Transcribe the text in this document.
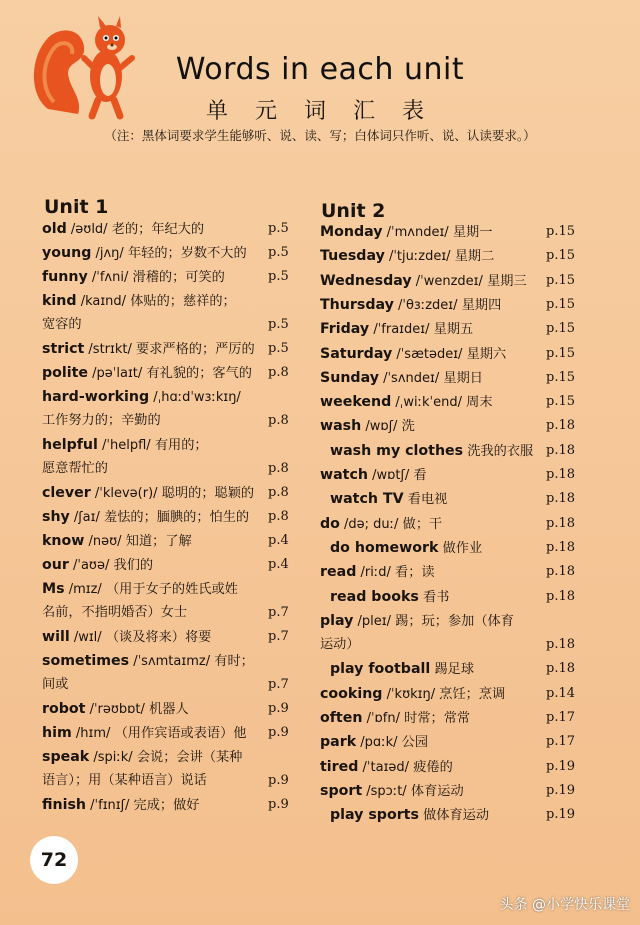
Words in each unit
单 元 词 汇 表
（注：黑体词要求学生能够听、说、读、写；白体词只作听、说、认读要求。）
Unit 1	Unit 2
old /əʊld/ 老的；年纪大的	p.5
young /jʌŋ/ 年轻的；岁数不大的 p.5
funny /ˈfʌni/ 滑稽的；可笑的	p.5
kind /kaɪnd/ 体贴的；慈祥的；
宽容的	p.5
strict /strɪkt/ 要求严格的；严厉的 p.5
polite /pəˈlaɪt/ 有礼貌的；客气的 p.8
hard-working /ˌhɑːdˈwɜːkɪŋ/
工作努力的；辛勤的	p.8
helpful /ˈhelpfl/ 有用的；
愿意帮忙的	p.8
clever /ˈklevə(r)/ 聪明的；聪颖的 p.8
shy /ʃaɪ/ 羞怯的；腼腆的；怕生的 p.8
know /nəʊ/ 知道；了解	p.4
our /ˈaʊə/ 我们的	p.4
Ms /mɪz/ （用于女子的姓氏或姓
名前，不指明婚否）女士	p.7
will /wɪl/ （谈及将来）将要	p.7
sometimes /ˈsʌmtaɪmz/ 有时；
间或	p.7
robot /ˈrəʊbɒt/ 机器人	p.9
him /hɪm/ （用作宾语或表语）他 p.9
speak /spiːk/ 会说；会讲（某种
语言）；用（某种语言）说话	p.9
finish /ˈfɪnɪʃ/ 完成；做好	p.9
Monday /ˈmʌndeɪ/ 星期一	p.15
Tuesday /ˈtjuːzdeɪ/ 星期二	p.15
Wednesday /ˈwenzdeɪ/ 星期三 p.15
Thursday /ˈθɜːzdeɪ/ 星期四	p.15
Friday /ˈfraɪdeɪ/ 星期五	p.15
Saturday /ˈsætədeɪ/ 星期六	p.15
Sunday /ˈsʌndeɪ/ 星期日	p.15
weekend /ˌwiːkˈend/ 周末	p.15
wash /wɒʃ/ 洗	p.18
wash my clothes 洗我的衣服 p.18
watch /wɒtʃ/ 看	p.18
watch TV 看电视	p.18
do /də; duː/ 做；干	p.18
do homework 做作业	p.18
read /riːd/ 看；读	p.18
read books 看书	p.18
play /pleɪ/ 踢；玩；参加（体育
运动）	p.18
play football 踢足球	p.18
cooking /ˈkʊkɪŋ/ 烹饪；烹调	p.14
often /ˈɒfn/ 时常；常常	p.17
park /pɑːk/ 公园	p.17
tired /ˈtaɪəd/ 疲倦的	p.19
sport /spɔːt/ 体育运动	p.19
play sports 做体育运动	p.19
72
头条 @小学快乐课堂
